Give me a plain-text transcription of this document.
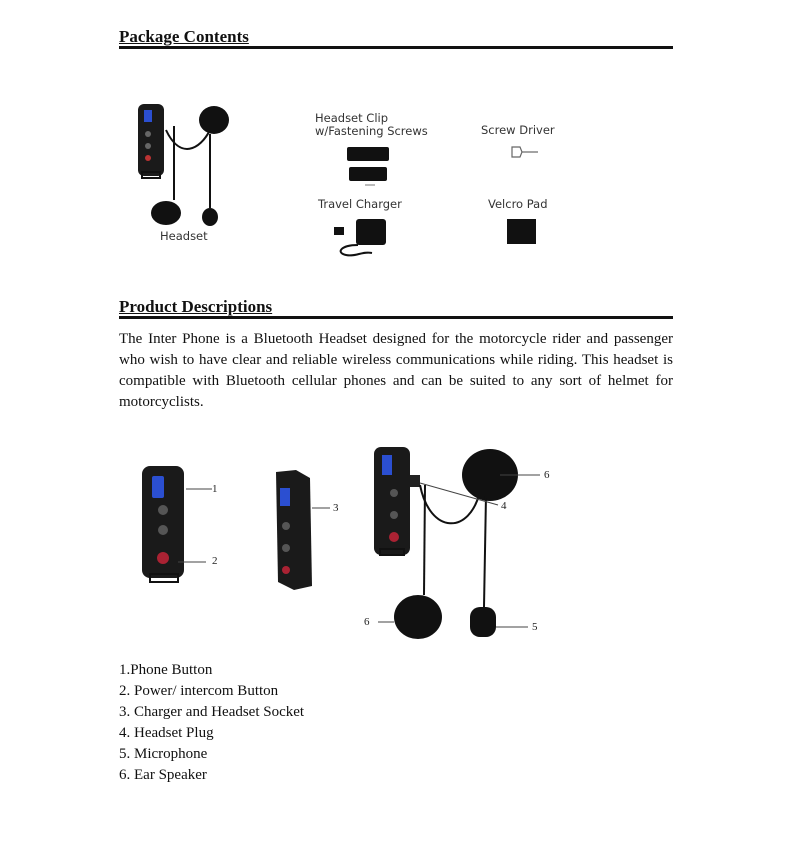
Package Contents
Headset
Headset Clip
w/Fastening Screws	Screw Driver
Travel Charger	Velcro Pad
Product Descriptions

The Inter Phone is a Bluetooth Headset designed for the motorcycle rider and passenger who wish to have clear and reliable wireless communications while riding. This headset is compatible with Bluetooth cellular phones and can be suited to any sort of helmet for motorcyclists.

1
2
3
6
4
5
6
1.Phone Button
2. Power/ intercom Button
3. Charger and Headset Socket
4. Headset Plug
5. Microphone
6. Ear Speaker
